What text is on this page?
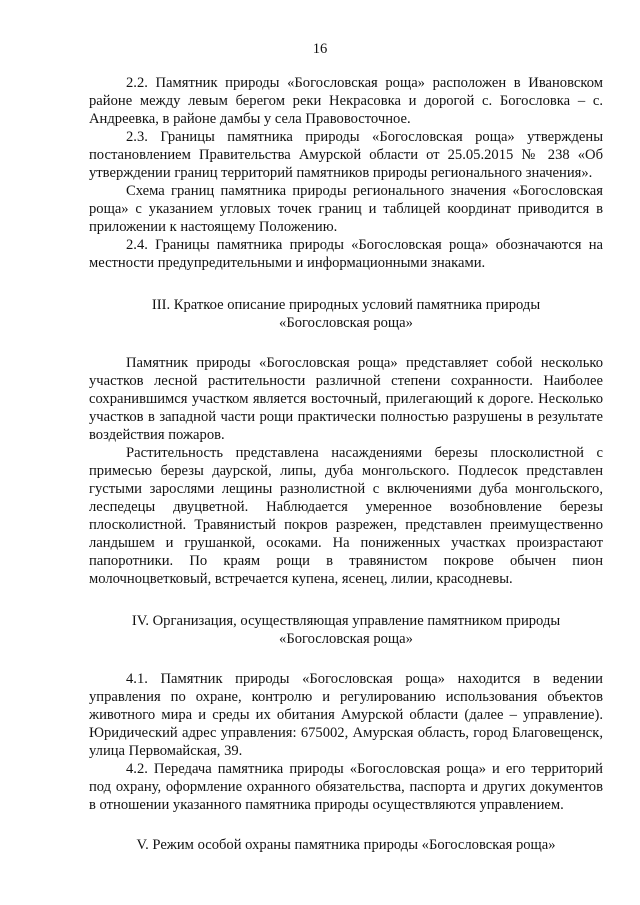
16

2.2. Памятник природы «Богословская роща» расположен в Ивановском районе между левым берегом реки Некрасовка и дорогой с. Богословка – с. Андреевка, в районе дамбы у села Правовосточное.

2.3. Границы памятника природы «Богословская роща» утверждены постановлением Правительства Амурской области от 25.05.2015 № 238 «Об утверждении границ территорий памятников природы регионального значения».

Схема границ памятника природы регионального значения «Богословская роща» с указанием угловых точек границ и таблицей координат приводится в приложении к настоящему Положению.

2.4. Границы памятника природы «Богословская роща» обозначаются на местности предупредительными и информационными знаками.

III. Краткое описание природных условий памятника природы

«Богословская роща»

Памятник природы «Богословская роща» представляет собой несколько участков лесной растительности различной степени сохранности. Наиболее сохранившимся участком является восточный, прилегающий к дороге. Несколько участков в западной части рощи практически полностью разрушены в результате воздействия пожаров.

Растительность представлена насаждениями березы плосколистной с примесью березы даурской, липы, дуба монгольского. Подлесок представлен густыми зарослями лещины разнолистной с включениями дуба монгольского, леспедецы двуцветной. Наблюдается умеренное возобновление березы плосколистной. Травянистый покров разрежен, представлен преимущественно ландышем и грушанкой, осоками. На пониженных участках произрастают папоротники. По краям рощи в травянистом покрове обычен пион молочноцветковый, встречается купена, ясенец, лилии, красодневы.

IV. Организация, осуществляющая управление памятником природы

«Богословская роща»

4.1. Памятник природы «Богословская роща» находится в ведении управления по охране, контролю и регулированию использования объектов животного мира и среды их обитания Амурской области (далее – управление). Юридический адрес управления: 675002, Амурская область, город Благовещенск, улица Первомайская, 39.

4.2. Передача памятника природы «Богословская роща» и его территорий под охрану, оформление охранного обязательства, паспорта и других документов в отношении указанного памятника природы осуществляются управлением.

V. Режим особой охраны памятника природы «Богословская роща»
